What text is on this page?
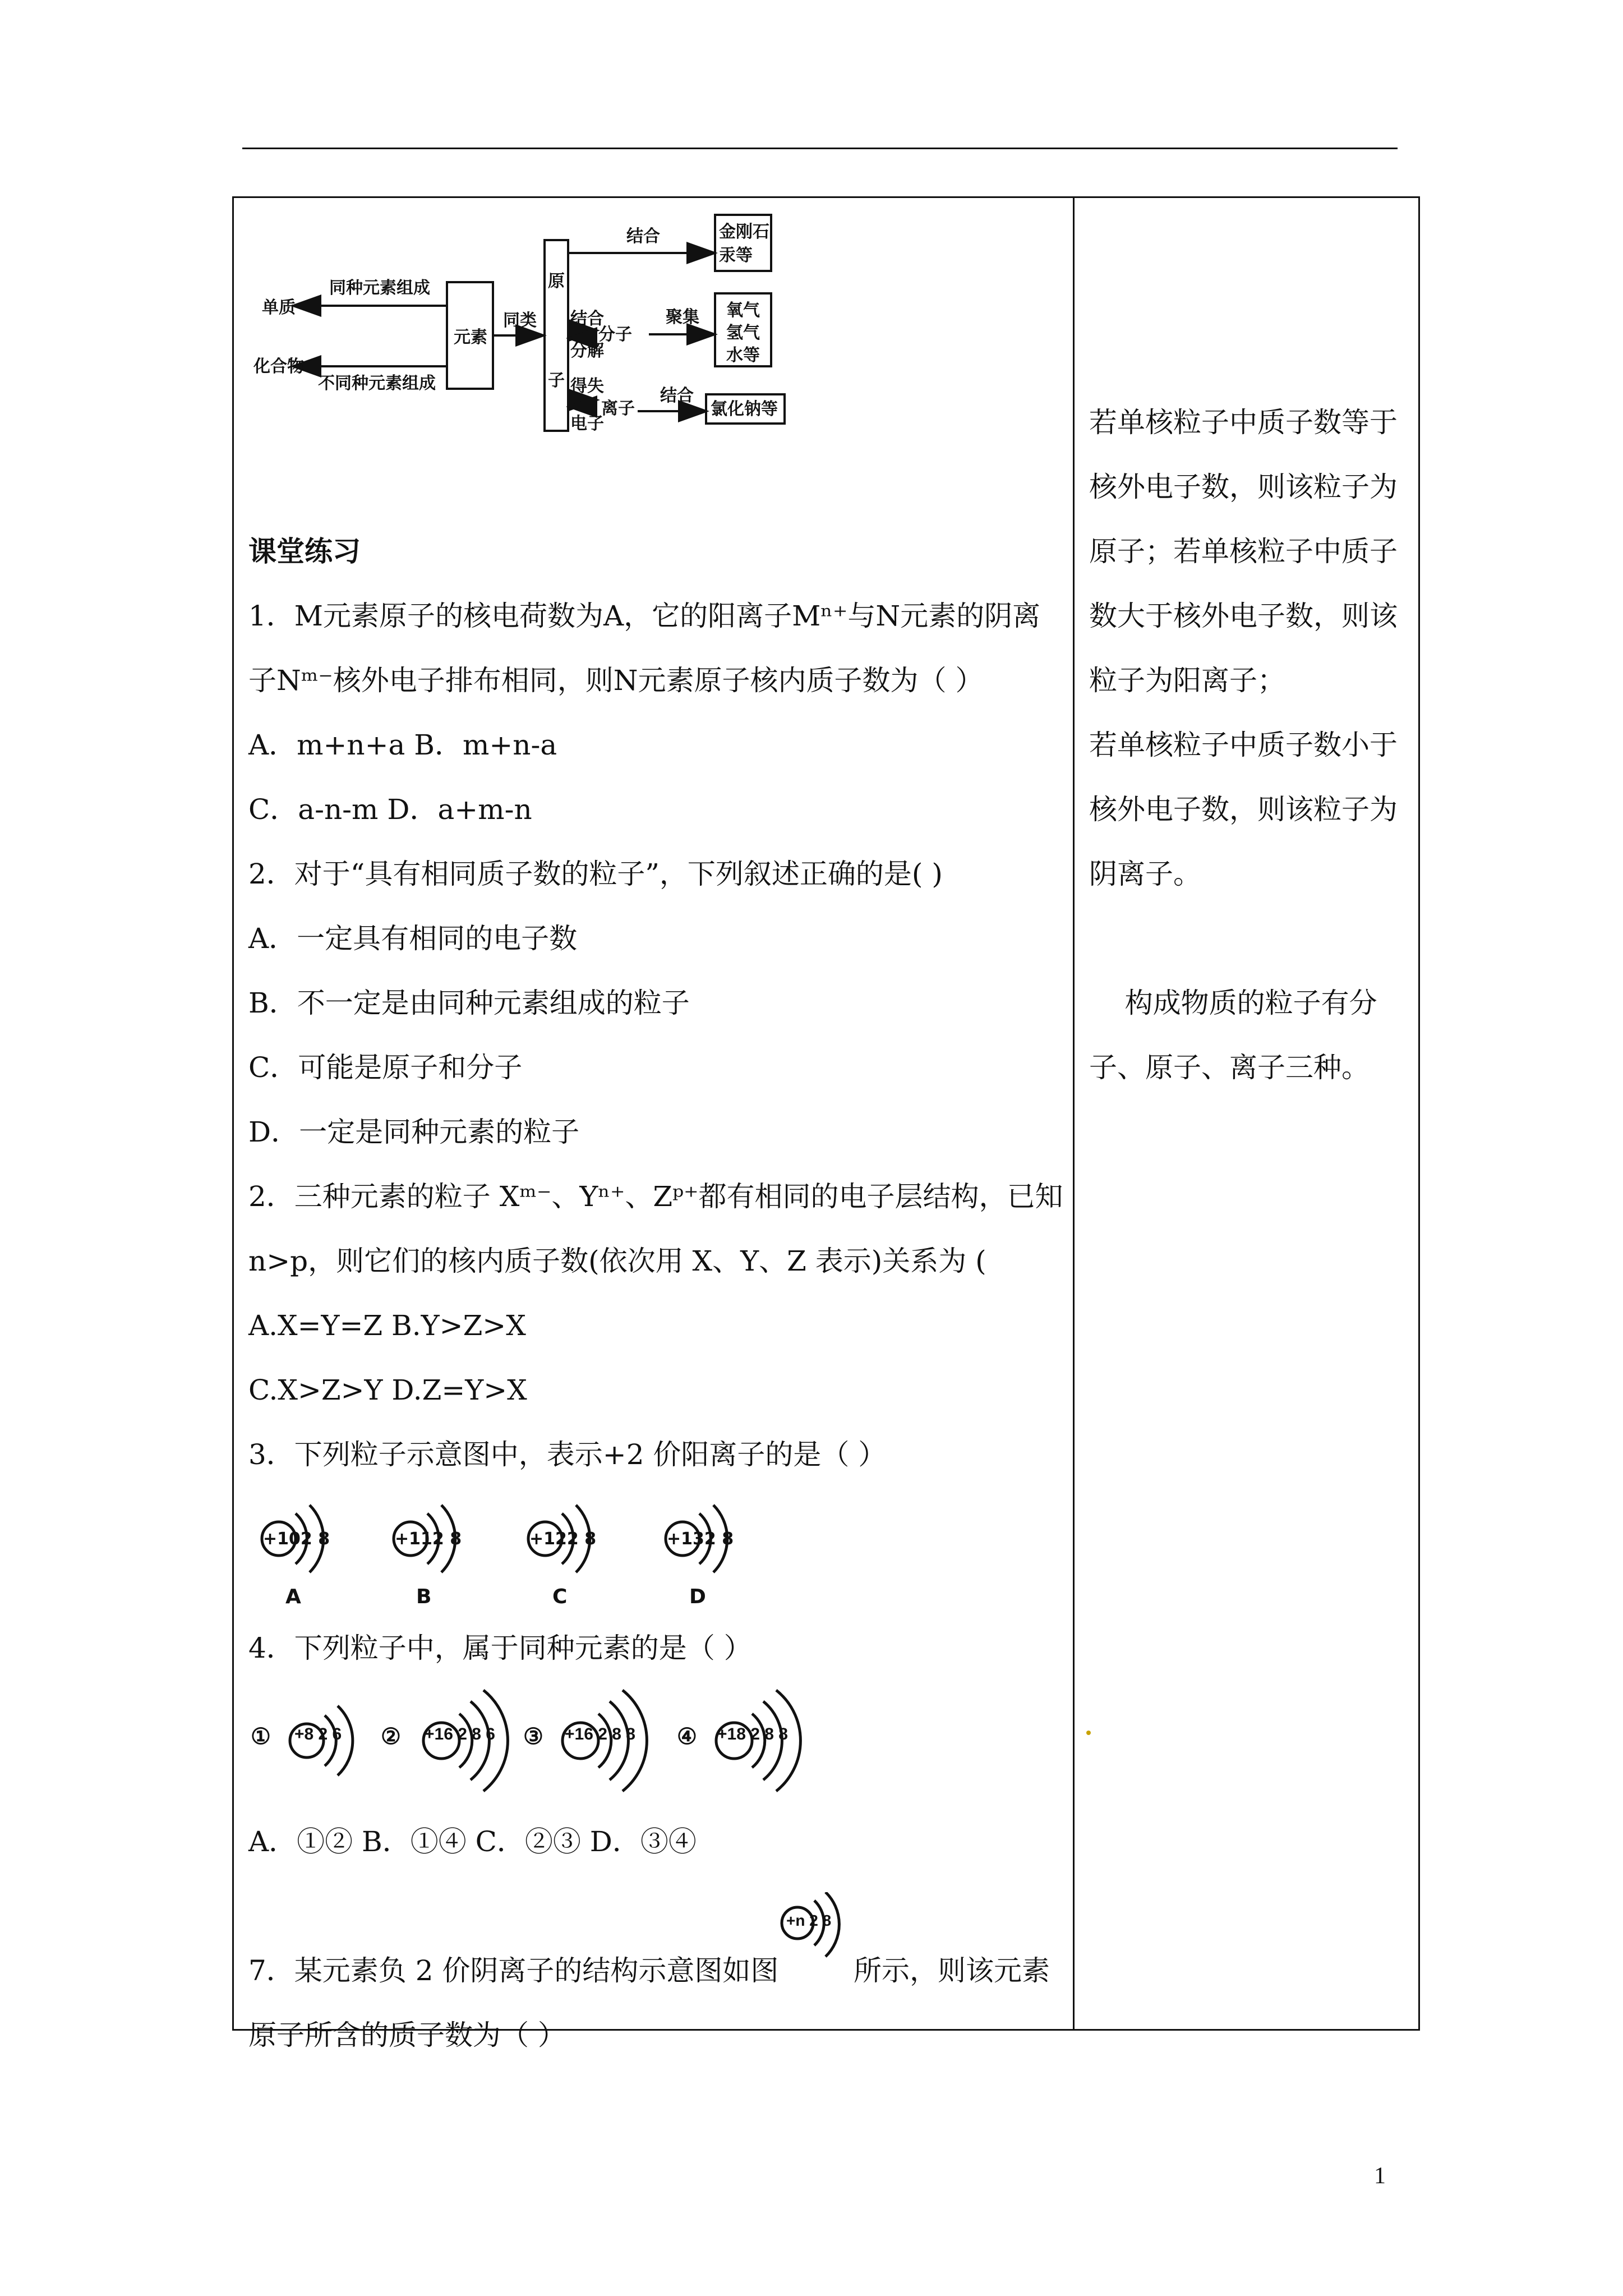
单质
同种元素组成
化合物
不同种元素组成
元素
同类
原
子
结合	金刚石
汞等
结合
分解
分子
聚集 氧气
氢气
水等
得失
电子
离子
结合
氯化钠等
课堂练习
1．M元素原子的核电荷数为A，它的阳离子Mⁿ⁺与N元素的阴离
子Nᵐ⁻核外电子排布相同，则N元素原子核内质子数为（ ）
A．m+n+a B．m+n-a
C．a-n-m D．a+m-n
2．对于“具有相同质子数的粒子”，下列叙述正确的是( )
A．一定具有相同的电子数
B．不一定是由同种元素组成的粒子
C．可能是原子和分子
D．一定是同种元素的粒子
2．三种元素的粒子 Xᵐ⁻、Yⁿ⁺、Zᵖ⁺都有相同的电子层结构，已知
n>p，则它们的核内质子数(依次用 X、Y、Z 表示)关系为 (
A.X=Y=Z B.Y>Z>X
C.X>Z>Y D.Z=Y>X
3．下列粒子示意图中，表示+2 价阳离子的是（ ）
+102 8	+112 8	+122 8	+132 8
A	B	C	D
4．下列粒子中，属于同种元素的是（ ）
① +8 2 6 ② +16 2 8 6 ③ +16 2 8 8 ④ +18 2 8 8
A．①② B．①④ C．②③ D．③④
7．某元素负 2 价阴离子的结构示意图如图
+n 2 8
所示，则该元素
原子所含的质子数为（ ）
若单核粒子中质子数等于
核外电子数，则该粒子为
原子；若单核粒子中质子
数大于核外电子数，则该
粒子为阳离子；
若单核粒子中质子数小于
核外电子数，则该粒子为
阴离子。
构成物质的粒子有分
子、原子、离子三种。
1
